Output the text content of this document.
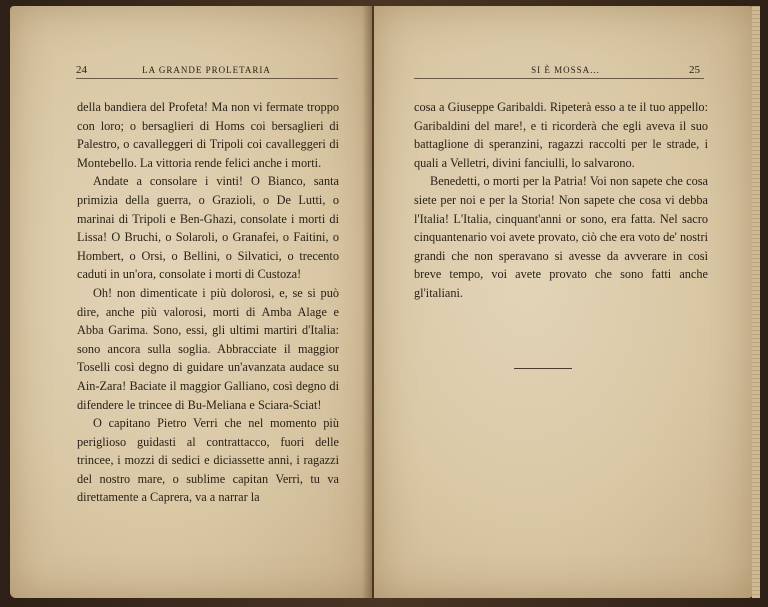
24	LA GRANDE PROLETARIA

della bandiera del Profeta! Ma non vi fermate troppo con loro; o bersaglieri di Homs coi bersaglieri di Palestro, o cavalleggeri di Tripoli coi cavalleggeri di Montebello. La vittoria rende felici anche i morti.

Andate a consolare i vinti! O Bianco, santa primizia della guerra, o Grazioli, o De Lutti, o marinai di Tripoli e Ben-Ghazi, consolate i morti di Lissa! O Bruchi, o Solaroli, o Granafei, o Faitini, o Hombert, o Orsi, o Bellini, o Silvatici, o trecento caduti in un'ora, consolate i morti di Custoza!

Oh! non dimenticate i più dolorosi, e, se si può dire, anche più valorosi, morti di Amba Alage e Abba Garima. Sono, essi, gli ultimi martiri d'Italia: sono ancora sulla soglia. Abbracciate il maggior Toselli così degno di guidare un'avanzata audace su Ain-Zara! Baciate il maggior Galliano, così degno di difendere le trincee di Bu-Meliana e Sciara-Sciat!

O capitano Pietro Verri che nel momento più periglioso guidasti al contrattacco, fuori delle trincee, i mozzi di sedici e diciassette anni, i ragazzi del nostro mare, o sublime capitan Verri, tu va direttamente a Caprera, va a narrar la

SI È MOSSA...	25

cosa a Giuseppe Garibaldi. Ripeterà esso a te il tuo appello: Garibaldini del mare!, e ti ricorderà che egli aveva il suo battaglione di speranzini, ragazzi raccolti per le strade, i quali a Velletri, divini fanciulli, lo salvarono.

Benedetti, o morti per la Patria! Voi non sapete che cosa siete per noi e per la Storia! Non sapete che cosa vi debba l'Italia! L'Italia, cinquant'anni or sono, era fatta. Nel sacro cinquantenario voi avete provato, ciò che era voto de' nostri grandi che non speravano si avesse da avverare in così breve tempo, voi avete provato che sono fatti anche gl'italiani.
